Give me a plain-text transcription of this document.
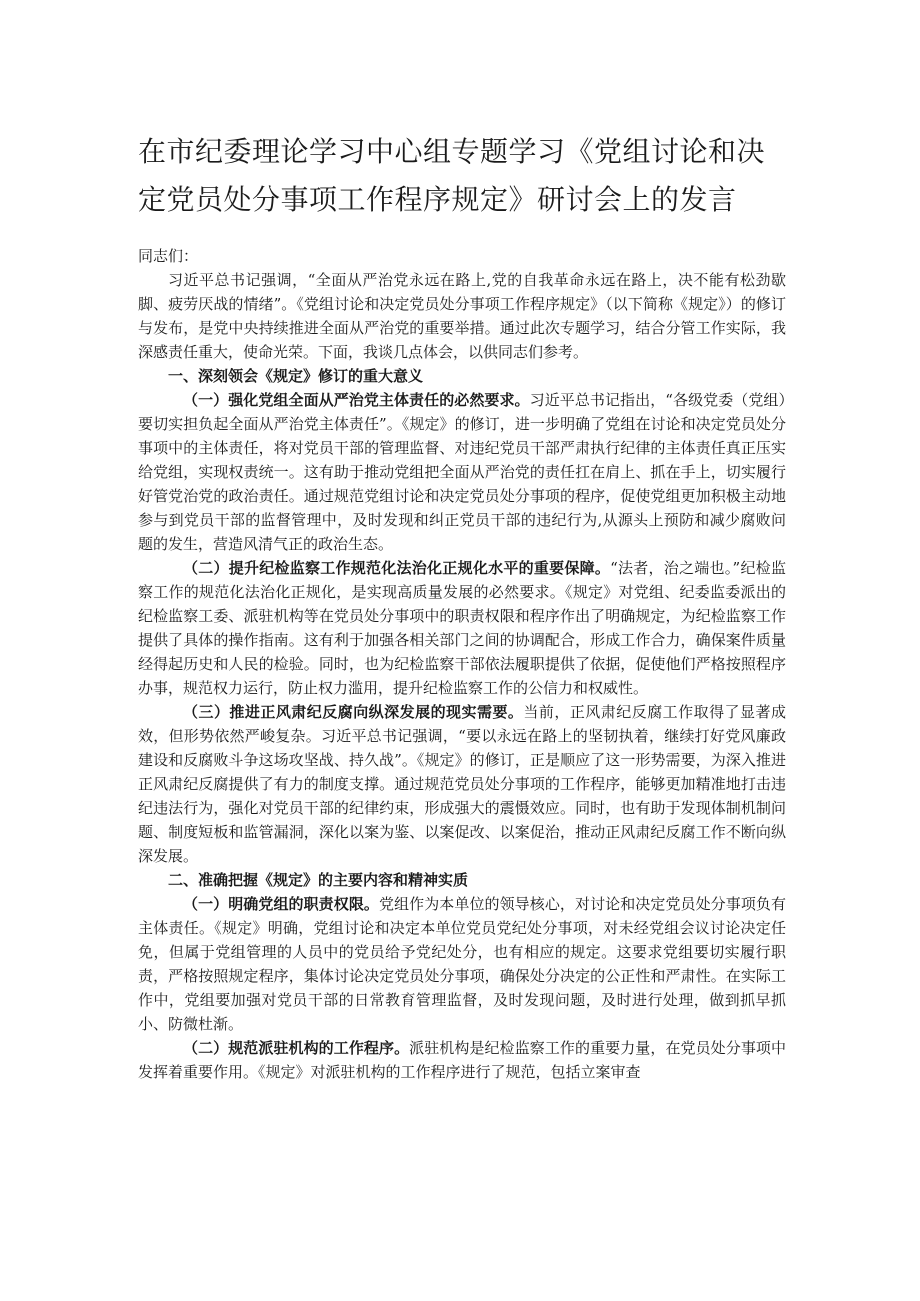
在市纪委理论学习中心组专题学习《党组讨论和决定党员处分事项工作程序规定》研讨会上的发言

同志们：

习近平总书记强调，“全面从严治党永远在路上,党的自我革命永远在路上，决不能有松劲歇脚、疲劳厌战的情绪”。《党组讨论和决定党员处分事项工作程序规定》（以下简称《规定》）的修订与发布，是党中央持续推进全面从严治党的重要举措。通过此次专题学习，结合分管工作实际，我深感责任重大，使命光荣。下面，我谈几点体会，以供同志们参考。

一、深刻领会《规定》修订的重大意义

（一）强化党组全面从严治党主体责任的必然要求。习近平总书记指出，“各级党委（党组）要切实担负起全面从严治党主体责任”。《规定》的修订，进一步明确了党组在讨论和决定党员处分事项中的主体责任，将对党员干部的管理监督、对违纪党员干部严肃执行纪律的主体责任真正压实给党组，实现权责统一。这有助于推动党组把全面从严治党的责任扛在肩上、抓在手上，切实履行好管党治党的政治责任。通过规范党组讨论和决定党员处分事项的程序，促使党组更加积极主动地参与到党员干部的监督管理中，及时发现和纠正党员干部的违纪行为,从源头上预防和减少腐败问题的发生，营造风清气正的政治生态。

（二）提升纪检监察工作规范化法治化正规化水平的重要保障。“法者，治之端也。”纪检监察工作的规范化法治化正规化，是实现高质量发展的必然要求。《规定》对党组、纪委监委派出的纪检监察工委、派驻机构等在党员处分事项中的职责权限和程序作出了明确规定，为纪检监察工作提供了具体的操作指南。这有利于加强各相关部门之间的协调配合，形成工作合力，确保案件质量经得起历史和人民的检验。同时，也为纪检监察干部依法履职提供了依据，促使他们严格按照程序办事，规范权力运行，防止权力滥用，提升纪检监察工作的公信力和权威性。

（三）推进正风肃纪反腐向纵深发展的现实需要。当前，正风肃纪反腐工作取得了显著成效，但形势依然严峻复杂。习近平总书记强调，“要以永远在路上的坚韧执着，继续打好党风廉政建设和反腐败斗争这场攻坚战、持久战”。《规定》的修订，正是顺应了这一形势需要，为深入推进正风肃纪反腐提供了有力的制度支撑。通过规范党员处分事项的工作程序，能够更加精准地打击违纪违法行为，强化对党员干部的纪律约束，形成强大的震慑效应。同时，也有助于发现体制机制问题、制度短板和监管漏洞，深化以案为鉴、以案促改、以案促治，推动正风肃纪反腐工作不断向纵深发展。

二、准确把握《规定》的主要内容和精神实质

（一）明确党组的职责权限。党组作为本单位的领导核心，对讨论和决定党员处分事项负有主体责任。《规定》明确，党组讨论和决定本单位党员党纪处分事项，对未经党组会议讨论决定任免，但属于党组管理的人员中的党员给予党纪处分，也有相应的规定。这要求党组要切实履行职责，严格按照规定程序，集体讨论决定党员处分事项，确保处分决定的公正性和严肃性。在实际工作中，党组要加强对党员干部的日常教育管理监督，及时发现问题，及时进行处理，做到抓早抓小、防微杜渐。

（二）规范派驻机构的工作程序。派驻机构是纪检监察工作的重要力量，在党员处分事项中发挥着重要作用。《规定》对派驻机构的工作程序进行了规范，包括立案审查
